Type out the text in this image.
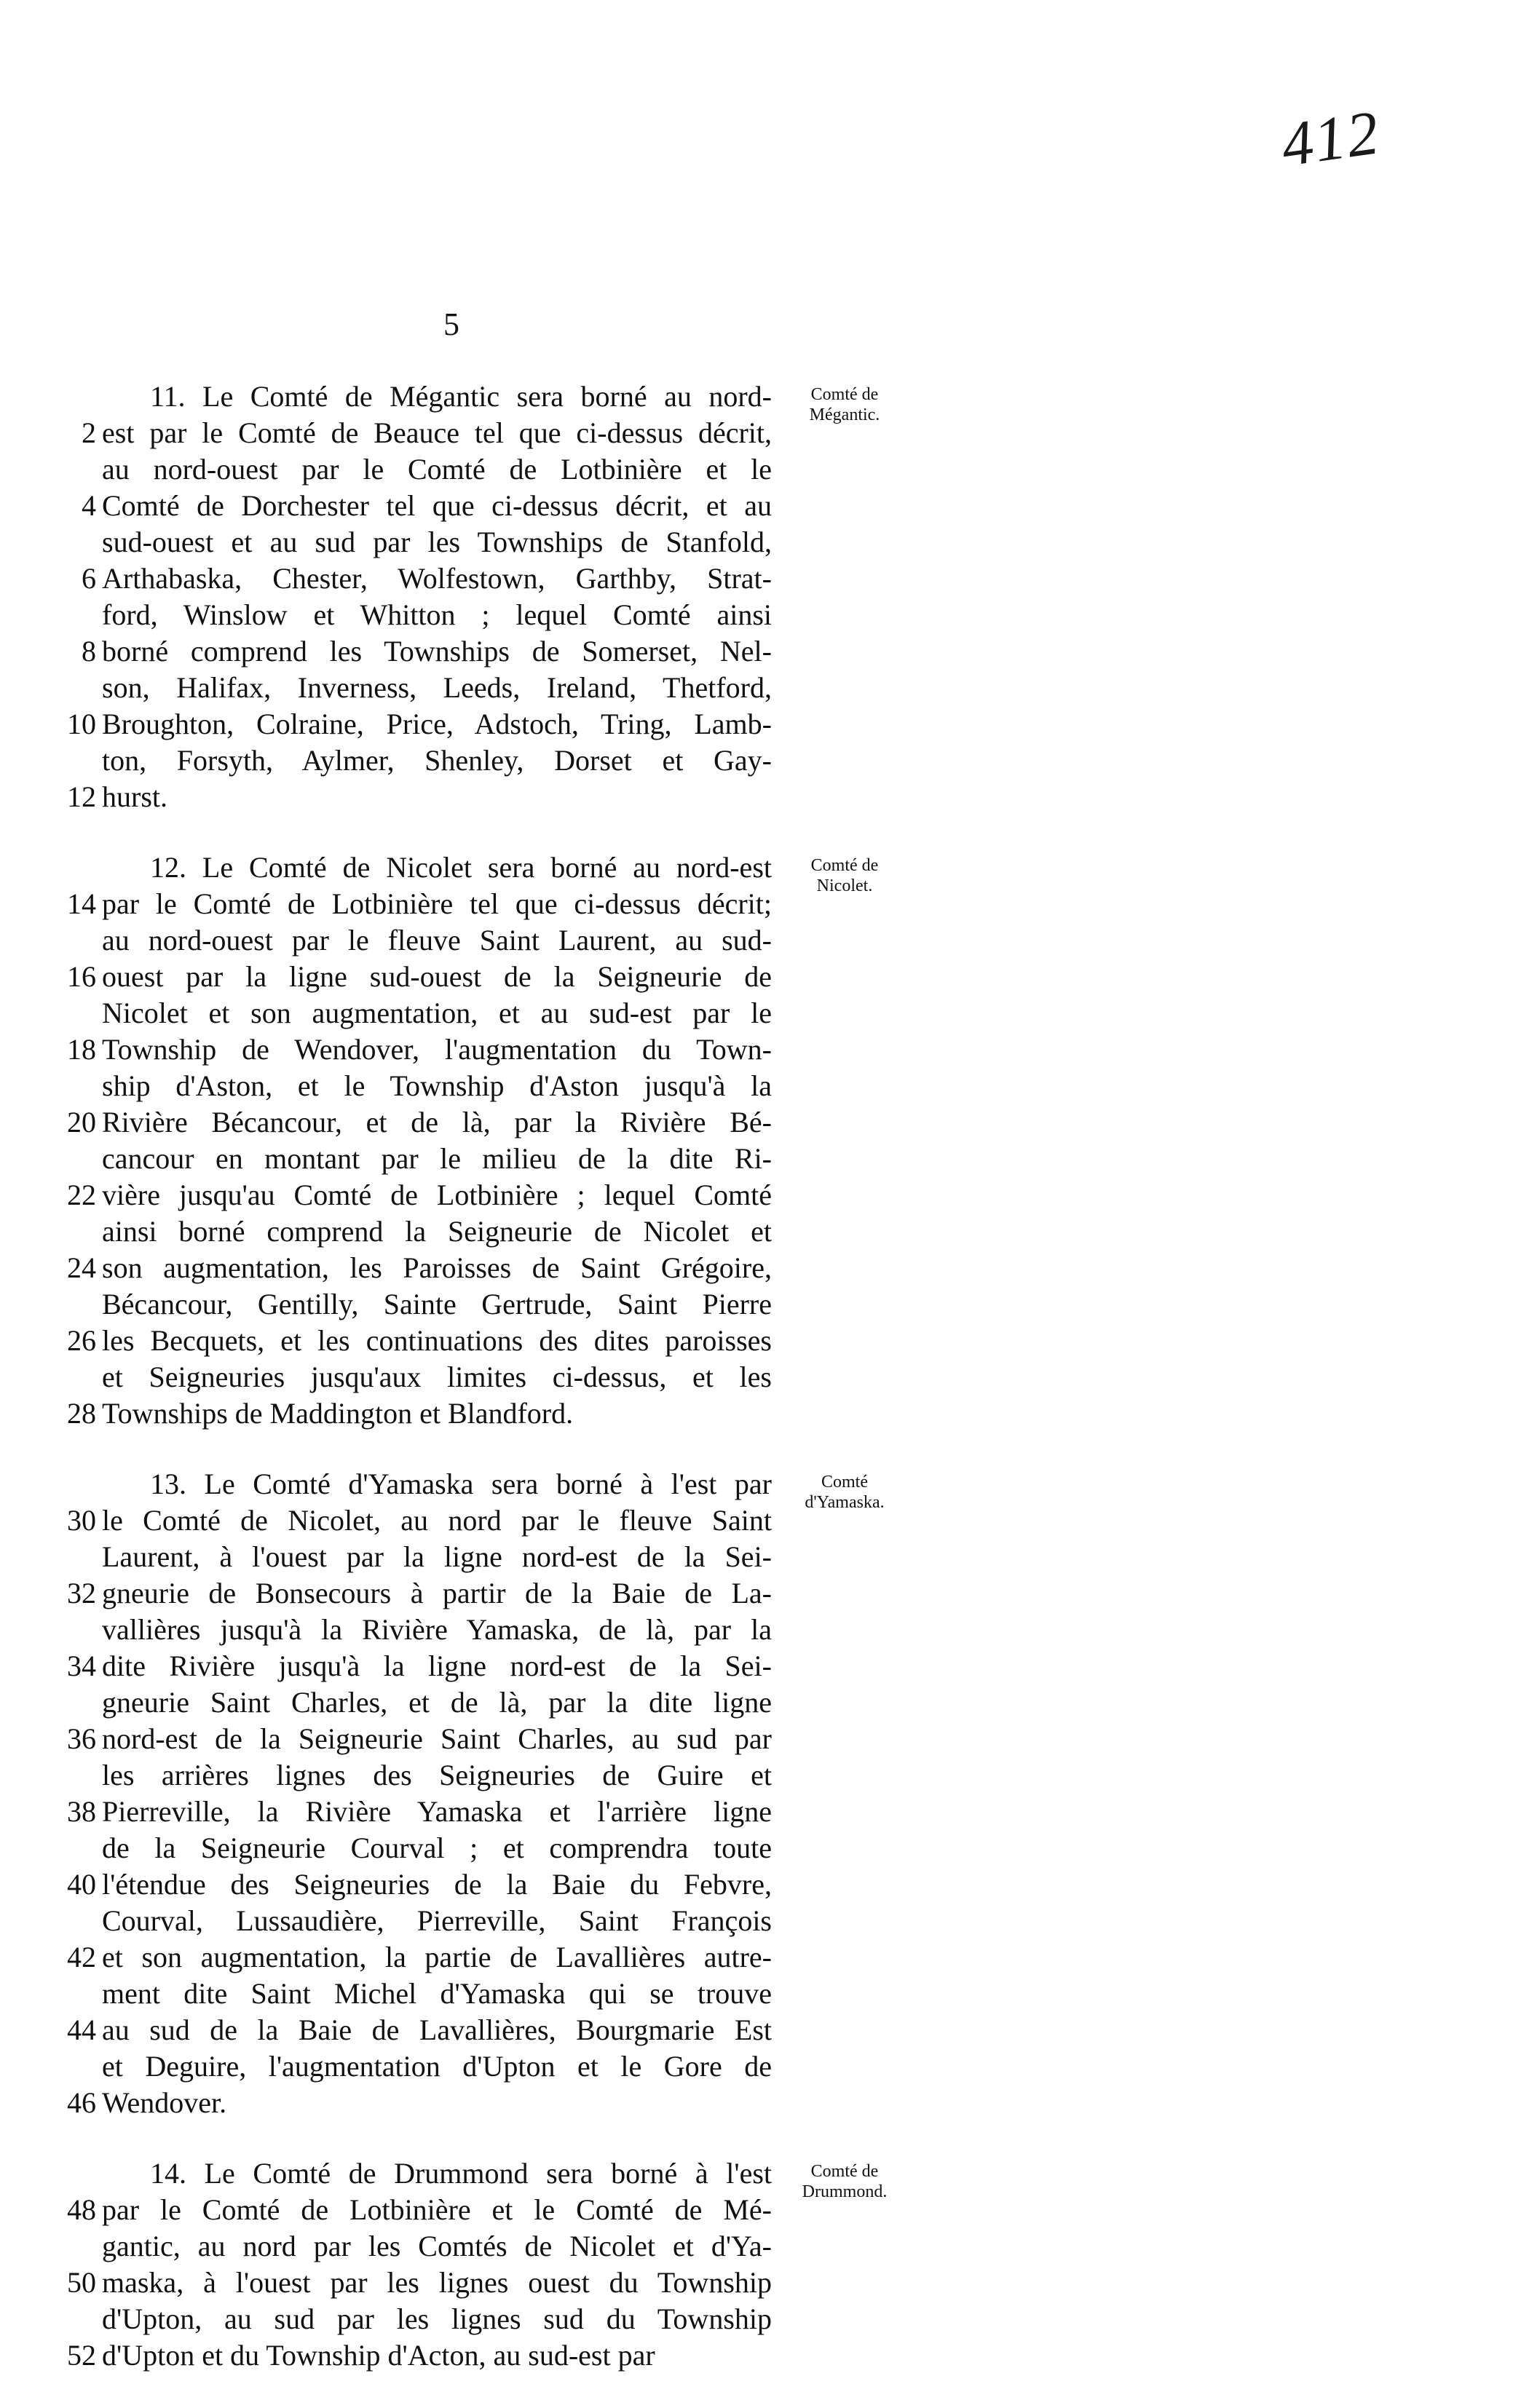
412
5
Comté de Mégantic.
11. Le Comté de Mégantic sera borné au nord-
2 est par le Comté de Beauce tel que ci-dessus décrit,
au nord-ouest par le Comté de Lotbinière et le
4 Comté de Dorchester tel que ci-dessus décrit, et au
sud-ouest et au sud par les Townships de Stanfold,
6 Arthabaska, Chester, Wolfestown, Garthby, Strat-
ford, Winslow et Whitton ; lequel Comté ainsi
8 borné comprend les Townships de Somerset, Nel-
son, Halifax, Inverness, Leeds, Ireland, Thetford,
10 Broughton, Colraine, Price, Adstoch, Tring, Lamb-
ton, Forsyth, Aylmer, Shenley, Dorset et Gay-
12 hurst.
Comté de Nicolet.
12. Le Comté de Nicolet sera borné au nord-est
14 par le Comté de Lotbinière tel que ci-dessus décrit;
au nord-ouest par le fleuve Saint Laurent, au sud-
16 ouest par la ligne sud-ouest de la Seigneurie de
Nicolet et son augmentation, et au sud-est par le
18 Township de Wendover, l'augmentation du Town-
ship d'Aston, et le Township d'Aston jusqu'à la
20 Rivière Bécancour, et de là, par la Rivière Bé-
cancour en montant par le milieu de la dite Ri-
22 vière jusqu'au Comté de Lotbinière ; lequel Comté
ainsi borné comprend la Seigneurie de Nicolet et
24 son augmentation, les Paroisses de Saint Grégoire,
Bécancour, Gentilly, Sainte Gertrude, Saint Pierre
26 les Becquets, et les continuations des dites paroisses
et Seigneuries jusqu'aux limites ci-dessus, et les
28 Townships de Maddington et Blandford.
Comté d'Yamaska.
13. Le Comté d'Yamaska sera borné à l'est par
30 le Comté de Nicolet, au nord par le fleuve Saint
Laurent, à l'ouest par la ligne nord-est de la Sei-
32 gneurie de Bonsecours à partir de la Baie de La-
vallières jusqu'à la Rivière Yamaska, de là, par la
34 dite Rivière jusqu'à la ligne nord-est de la Sei-
gneurie Saint Charles, et de là, par la dite ligne
36 nord-est de la Seigneurie Saint Charles, au sud par
les arrières lignes des Seigneuries de Guire et
38 Pierreville, la Rivière Yamaska et l'arrière ligne
de la Seigneurie Courval ; et comprendra toute
40 l'étendue des Seigneuries de la Baie du Febvre,
Courval, Lussaudière, Pierreville, Saint François
42 et son augmentation, la partie de Lavallières autre-
ment dite Saint Michel d'Yamaska qui se trouve
44 au sud de la Baie de Lavallières, Bourgmarie Est
et Deguire, l'augmentation d'Upton et le Gore de
46 Wendover.
Comté de Drummond.
14. Le Comté de Drummond sera borné à l'est
48 par le Comté de Lotbinière et le Comté de Mé-
gantic, au nord par les Comtés de Nicolet et d'Ya-
50 maska, à l'ouest par les lignes ouest du Township
d'Upton, au sud par les lignes sud du Township
52 d'Upton et du Township d'Acton, au sud-est par
